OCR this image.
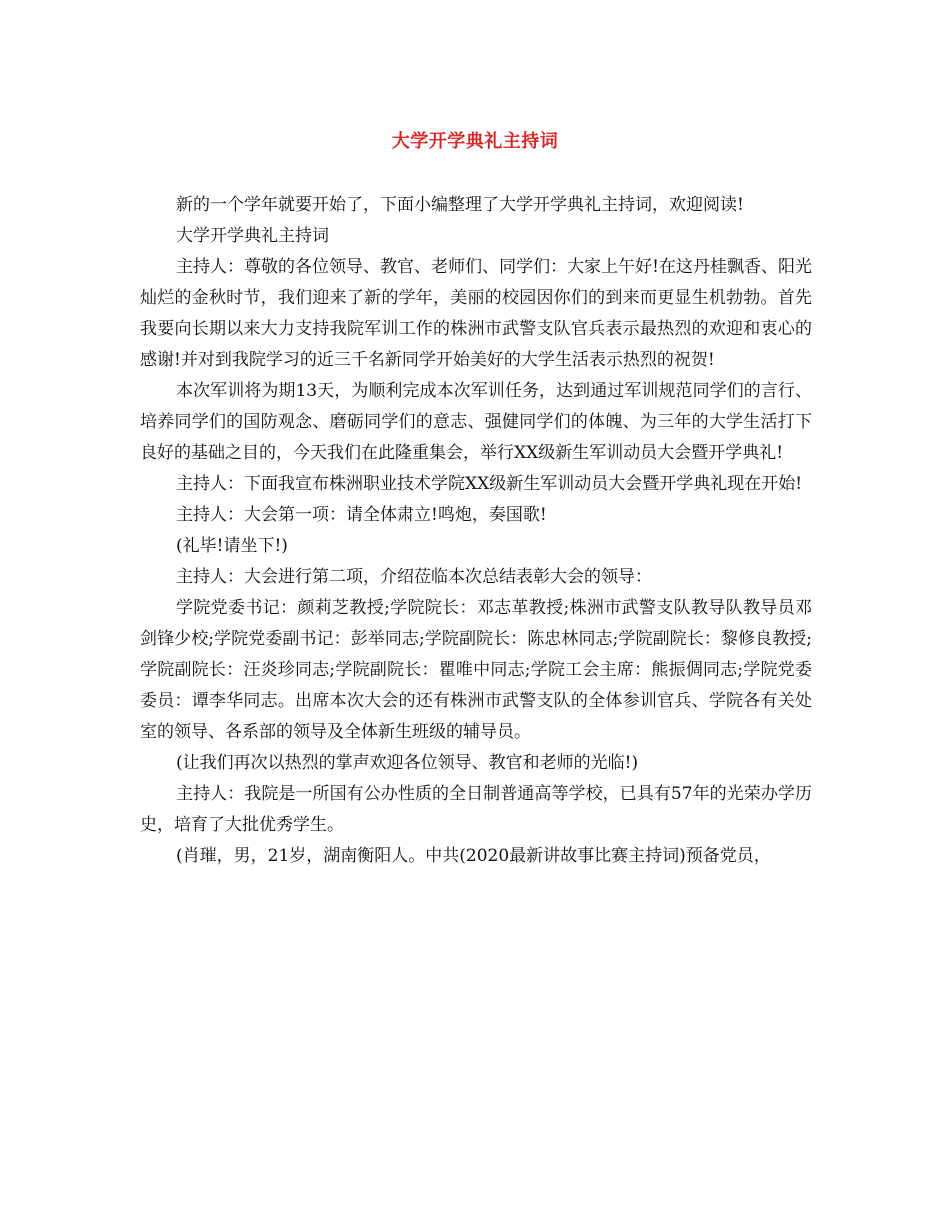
大学开学典礼主持词

新的一个学年就要开始了，下面小编整理了大学开学典礼主持词，欢迎阅读!

大学开学典礼主持词

主持人：尊敬的各位领导、教官、老师们、同学们：大家上午好!在这丹桂飘香、阳光灿烂的金秋时节，我们迎来了新的学年，美丽的校园因你们的到来而更显生机勃勃。首先我要向长期以来大力支持我院军训工作的株洲市武警支队官兵表示最热烈的欢迎和衷心的感谢!并对到我院学习的近三千名新同学开始美好的大学生活表示热烈的祝贺!

本次军训将为期13天，为顺利完成本次军训任务，达到通过军训规范同学们的言行、培养同学们的国防观念、磨砺同学们的意志、强健同学们的体魄、为三年的大学生活打下良好的基础之目的，今天我们在此隆重集会，举行XX级新生军训动员大会暨开学典礼!

主持人：下面我宣布株洲职业技术学院XX级新生军训动员大会暨开学典礼现在开始!

主持人：大会第一项：请全体肃立!鸣炮，奏国歌!

(礼毕!请坐下!)

主持人：大会进行第二项，介绍莅临本次总结表彰大会的领导：

学院党委书记：颜莉芝教授;学院院长：邓志革教授;株洲市武警支队教导队教导员邓剑锋少校;学院党委副书记：彭举同志;学院副院长：陈忠林同志;学院副院长：黎修良教授;学院副院长：汪炎珍同志;学院副院长：瞿唯中同志;学院工会主席：熊振倜同志;学院党委委员：谭李华同志。出席本次大会的还有株洲市武警支队的全体参训官兵、学院各有关处室的领导、各系部的领导及全体新生班级的辅导员。

(让我们再次以热烈的掌声欢迎各位领导、教官和老师的光临!)

主持人：我院是一所国有公办性质的全日制普通高等学校，已具有57年的光荣办学历史，培育了大批优秀学生。

(肖璀，男，21岁，湖南衡阳人。中共(2020最新讲故事比赛主持词)预备党员，
